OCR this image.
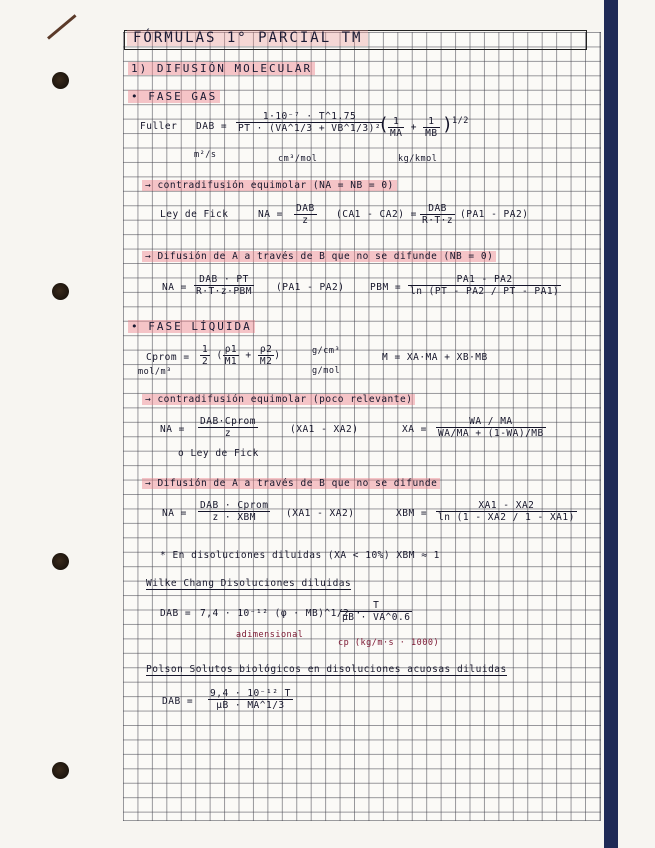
FÓRMULAS 1° PARCIAL TM
1) DIFUSIÓN MOLECULAR
• FASE GAS
Fuller DAB = $\frac{\text{1·10⁻⁷ · T\textasciicircum{}1.75}}{\text{PT · (VA\textasciicircum{}1/3 + VB\textasciicircum{}1/3)²}}$
(
$\frac{1}{MA} + \frac{1}{MB}$ )
1/2
m²/s	cm³/mol	kg/kmol
→ contradifusión equimolar (NA = NB = 0)
Ley de Fick	NA = $\frac{\text{DAB}}{z} (CA1 - CA2) = \frac{\text{DAB}}{R\cdot T\cdot z} (PA1 - PA2)$
→ Difusión de A a través de B que no se difunde (NB = 0)
NA = $\frac{\text{DAB · PT}}{\text{R·T·z·PBM}} (PA1 - PA2)$	PBM = $\frac{PA1 - PA2}{\ln (PT - PA2 / PT - PA1)}$
• FASE LÍQUIDA
Cprom = $\frac{1}{2}$ ( $\frac{\rho 1}{M1} + \frac{\rho 2}{M2}$ )	g/cm³
g/mol
mol/m³
M = XA·MA + XB·MB
→ contradifusión equimolar (poco relevante)
NA = $\frac{\text{DAB·Cprom}}{z}$	(XA1 - XA2)
o Ley de Fick
XA = $\frac{WA / MA}{WA/MA + (1-WA)/MB}$
→ Difusión de A a través de B que no se difunde
NA = $\frac{\text{DAB · Cprom}}{\text{z · XBM}} (XA1 - XA2)$	XBM = $\frac{XA1 - XA2}{\ln (1 - XA2 / 1 - XA1)}$
* En disoluciones diluidas (XA < 10%) XBM ≈ 1
Wilke Chang Disoluciones diluidas
DAB = 7,4 · 10⁻¹² (φ · MB)^1/2 ·
$\frac{T}{\mu B \cdot VA\^{}0.6}$
adimensional
cp (kg/m·s · 1000)
Polson Solutos biológicos en disoluciones acuosas diluidas
DAB = $\frac{\text{9,4 · 10⁻¹² T}}{\mu B \cdot MA\^{}1/3}$
